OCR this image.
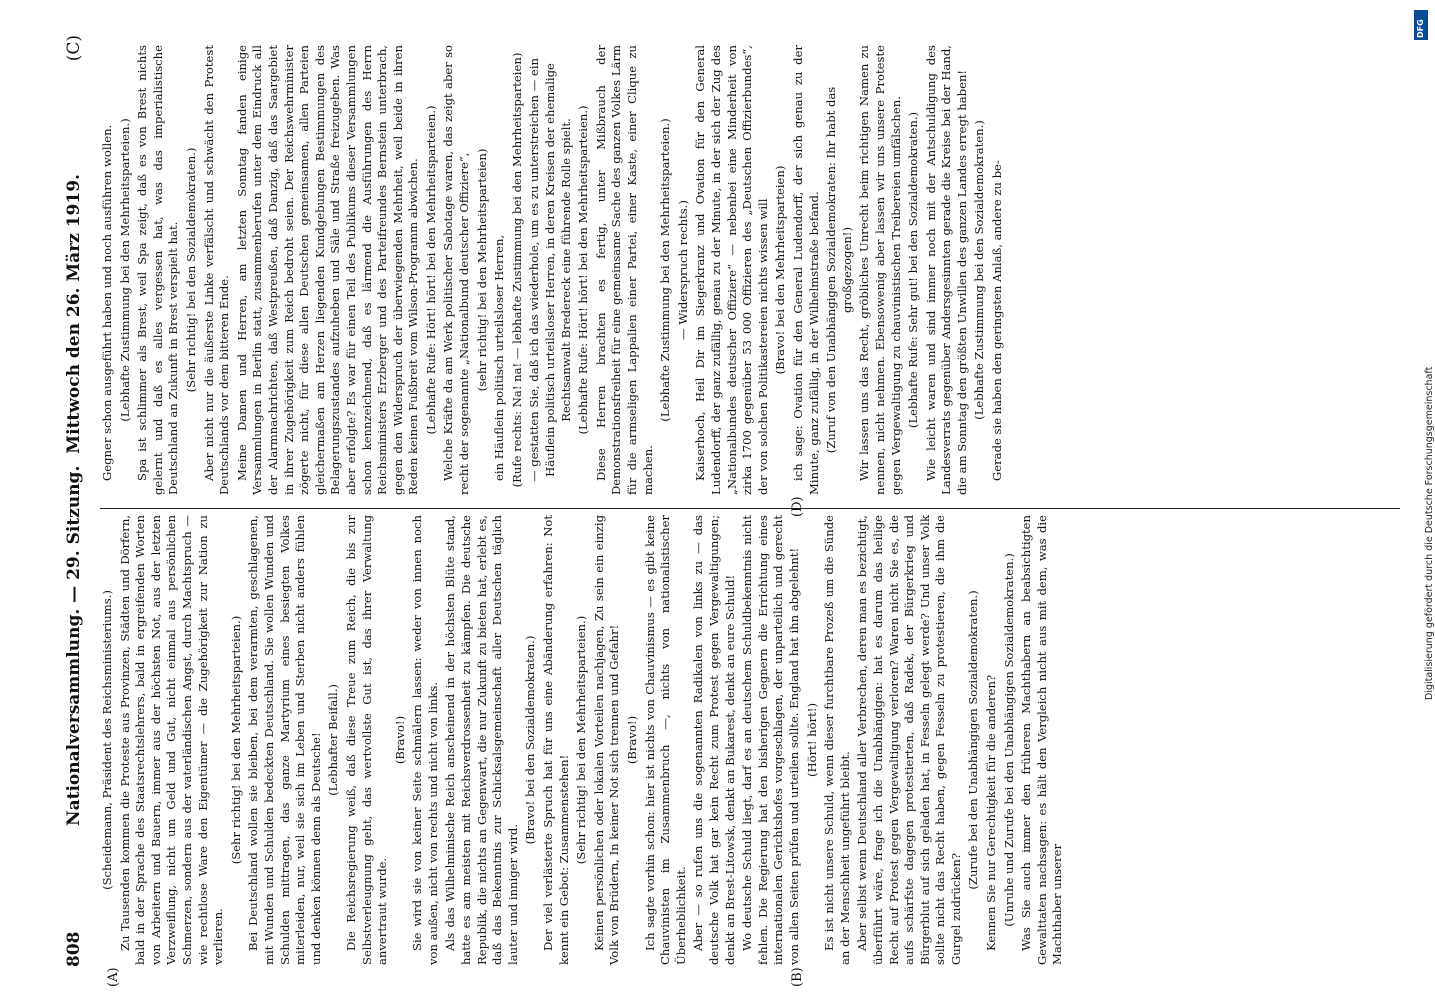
808
Nationalversammlung. — 29. Sitzung. Mittwoch den 26. März 1919.
(C)

(Scheidemann, Präsident des Reichsministeriums.) Zu Tausenden kommen die Proteste aus Provinzen, Städten und Dörfern, bald in der Sprache des Staatsrechtslehrers, bald in ergreifenden Worten von Arbeitern und Bauern, immer aus der höchsten Not, aus der letzten Verzweiflung, nicht um Geld und Gut, nicht einmal aus persönlichen Schmerzen, sondern aus der vaterländischen Angst, durch Machtspruch — wie rechtlose Ware den Eigentümer — die Zugehörigkeit zur Nation zu verlieren.

(Sehr richtig! bei den Mehrheitsparteien.) Bei Deutschland wollen sie bleiben, bei dem verarmten, geschlagenen, mit Wunden und Schulden bedeckten Deutschland. Sie wollen Wunden und Schulden mittragen, das ganze Martyrium eines besiegten Volkes miterleiden, nur, weil sie sich im Leben und Sterben nicht anders fühlen und denken können denn als Deutsche! (Lebhafter Beifall.) Die Reichsregierung weiß, daß diese Treue zum Reich, die bis zur Selbstverleugnung geht, das wertvollste Gut ist, das ihrer Verwaltung anvertraut wurde.

(Bravo!) Sie wird sie von keiner Seite schmälern lassen: weder von innen noch von außen, nicht von rechts und nicht von links. Als das Wilhelminische Reich anscheinend in der höchsten Blüte stand, hatte es am meisten mit Reichsverdrossenheit zu kämpfen. Die deutsche Republik, die nichts an Gegenwart, die nur Zukunft zu bieten hat, erlebt es, daß das Bekenntnis zur Schicksalsgemeinschaft aller Deutschen täglich lauter und inniger wird.

(Bravo! bei den Sozialdemokraten.) Der viel verlästerte Spruch hat für uns eine Abänderung erfahren: Not kennt ein Gebot: Zusammenstehen! (Sehr richtig! bei den Mehrheitsparteien.) Keinen persönlichen oder lokalen Vorteilen nachjagen, Zu sein ein einzig Volk von Brüdern, In keiner Not sich trennen und Gefahr! (Bravo!) Ich sagte vorhin schon: hier ist nichts von Chauvinismus — es gibt keine Chauvinisten im Zusammenbruch —, nichts von nationalistischer Überheblichkeit. Aber — so rufen uns die sogenannten Radikalen von links zu — das deutsche Volk hat gar kein Recht zum Protest gegen Vergewaltigungen; denkt an Brest-Litowsk, denkt an Bukarest, denkt an eure Schuld! Wo deutsche Schuld liegt, darf es an deutschem Schuldbekenntnis nicht fehlen. Die Regierung hat den bisherigen Gegnern die Errichtung eines internationalen Gerichtshofes vorgeschlagen, der unparteilich und gerecht von allen Seiten prüfen und urteilen sollte. England hat ihn abgelehnt! (Hört! hört!) Es ist nicht unsere Schuld, wenn dieser furchtbare Prozeß um die Sünde an der Menschheit ungeführt bleibt. Aber selbst wenn Deutschland aller Verbrechen, deren man es bezichtigt, überführt wäre, frage ich die Unabhängigen: hat es darum das heilige Recht auf Protest gegen Vergewaltigung verloren? Waren nicht Sie es, die aufs schärfste dagegen protestierten, daß Radek, der Bürgerkrieg und Bürgerblut auf sich geladen hat, in Fesseln gelegt werde? Und unser Volk sollte nicht das Recht haben, gegen Fesseln zu protestieren, die ihm die Gurgel zudrücken?

(Zurufe bei den Unabhängigen Sozialdemokraten.) Kennen Sie nur Gerechtigkeit für die anderen? (Unruhe und Zurufe bei den Unabhängigen Sozialdemokraten.) Was Sie auch immer den früheren Machthabern an beabsichtigten Gewalttaten nachsagen: es hält den Vergleich nicht aus mit dem, was die Machthaber unserer

(A)	(B)

Gegner schon ausgeführt haben und noch ausführen wollen. (Lebhafte Zustimmung bei den Mehrheitsparteien.) Spa ist schlimmer als Brest, weil Spa zeigt, daß es von Brest nichts gelernt und daß es alles vergessen hat, was das imperialistische Deutschland an Zukunft in Brest verspielt hat. (Sehr richtig! bei den Sozialdemokraten.) Aber nicht nur die äußerste Linke verfälscht und schwächt den Protest Deutschlands vor dem bitteren Ende. Meine Damen und Herren, am letzten Sonntag fanden einige Versammlungen in Berlin statt, zusammenberufen unter dem Eindruck all der Alarmnachrichten, daß Westpreußen, daß Danzig, daß das Saargebiet in ihrer Zugehörigkeit zum Reich bedroht seien. Der Reichswehrminister zögerte nicht, für diese allen Deutschen gemeinsamen, allen Parteien gleichermaßen am Herzen liegenden Kundgebungen Bestimmungen des Belagerungszustandes aufzuheben und Säle und Straße freizugeben. Was aber erfolgte? Es war für einen Teil des Publikums dieser Versammlungen schon kennzeichnend, daß es lärmend die Ausführungen des Herrn Reichsministers Erzberger und des Parteifreundes Bernstein unterbrach, gegen den Widerspruch der überwiegenden Mehrheit, weil beide in ihren Reden keinen Fußbreit vom Wilson-Programm abwichen. (Lebhafte Rufe: Hört! hört! bei den Mehrheitsparteien.) Welche Kräfte da am Werk politischer Sabotage waren, das zeigt aber so recht der sogenannte „Nationalbund deutscher Offiziere“, (sehr richtig! bei den Mehrheitsparteien) ein Häuflein politisch urteilsloser Herren, (Rufe rechts: Na! na! — lebhafte Zustimmung bei den Mehrheitsparteien) — gestatten Sie, daß ich das wiederhole, um es zu unterstreichen — ein Häuflein politisch urteilsloser Herren, in deren Kreisen der ehemalige Rechtsanwalt Bredereck eine führende Rolle spielt. (Lebhafte Rufe: Hört! hört! bei den Mehrheitsparteien.) Diese Herren brachten es fertig, unter Mißbrauch der Demonstrationsfreiheit für eine gemeinsame Sache des ganzen Volkes Lärm für die armseligen Lappalien einer Partei, einer Kaste, einer Clique zu machen.

(Lebhafte Zustimmung bei den Mehrheitsparteien.) — Widerspruch rechts.) Kaiserhoch, Heil Dir im Siegerkranz und Ovation für den General Ludendorff, der ganz zufällig, genau zu der Minute, in der sich der Zug des „Nationalbundes deutscher Offiziere“ — nebenbei eine Minderheit von zirka 1700 gegenüber 53 000 Offizieren des „Deutschen Offizierbundes“, der von solchen Politikastereien nichts wissen will (Bravo! bei den Mehrheitsparteien) ich sage: Ovation für den General Ludendorff, der sich genau zu der Minute, ganz zufällig, in der Wilhelmstraße befand. (Zuruf von den Unabhängigen Sozialdemokraten: Ihr habt das großgezogen!) Wir lassen uns das Recht, gröbliches Unrecht beim richtigen Namen zu nennen, nicht nehmen. Ebensowenig aber lassen wir uns unsere Proteste gegen Vergewaltigung zu chauvinistischen Treibereien umfälschen. (Lebhafte Rufe: Sehr gut! bei den Sozialdemokraten.) Wie leicht waren und sind immer noch mit der Antschuldigung des Landesverrats gegenüber Andersgesinnten gerade die Kreise bei der Hand, die am Sonntag den größten Unwillen des ganzen Landes erregt haben! (Lebhafte Zustimmung bei den Sozialdemokraten.) Gerade sie haben den geringsten Anlaß, andere zu be-

(D)	Digitalisierung gefördert durch die Deutsche Forschungsgemeinschaft
DFG
